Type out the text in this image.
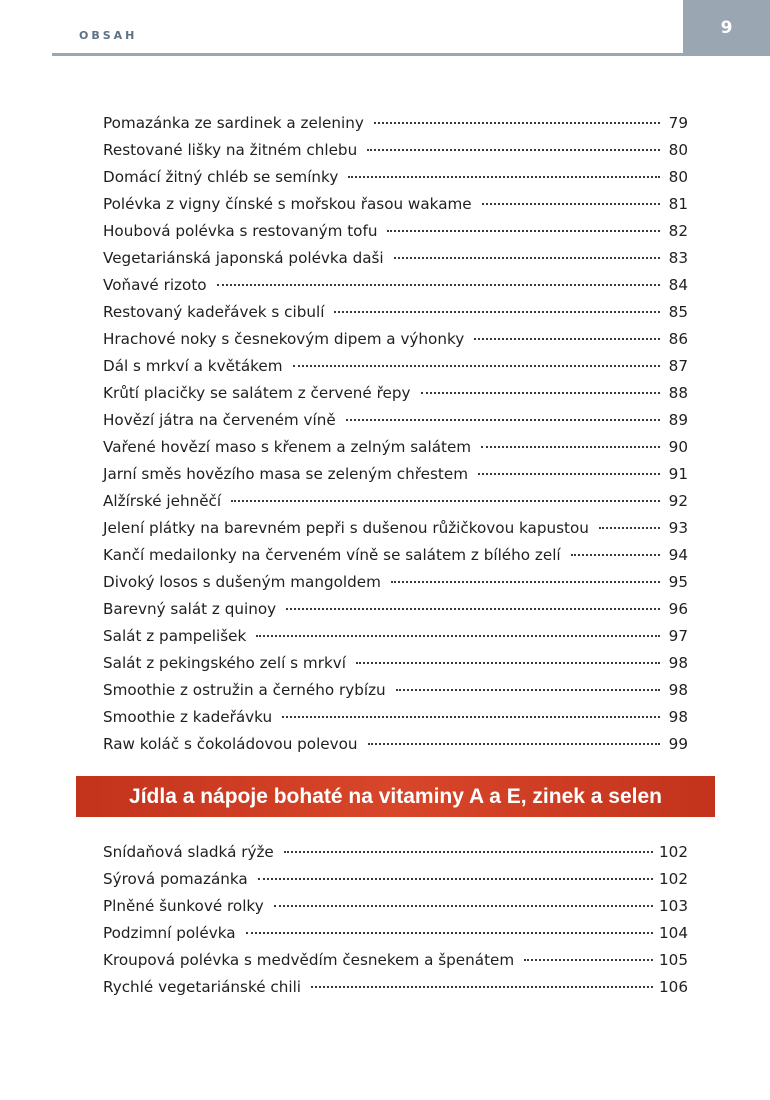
OBSAH	9
Pomazánka ze sardinek a zeleniny	79
Restované lišky na žitném chlebu	80
Domácí žitný chléb se semínky	80
Polévka z vigny čínské s mořskou řasou wakame	81
Houbová polévka s restovaným tofu	82
Vegetariánská japonská polévka daši	83
Voňavé rizoto	84
Restovaný kadeřávek s cibulí	85
Hrachové noky s česnekovým dipem a výhonky	86
Dál s mrkví a květákem	87
Krůtí placičky se salátem z červené řepy	88
Hovězí játra na červeném víně	89
Vařené hovězí maso s křenem a zelným salátem	90
Jarní směs hovězího masa se zeleným chřestem	91
Alžírské jehněčí	92
Jelení plátky na barevném pepři s dušenou růžičkovou kapustou	93
Kančí medailonky na červeném víně se salátem z bílého zelí	94
Divoký losos s dušeným mangoldem	95
Barevný salát z quinoy	96
Salát z pampelišek	97
Salát z pekingského zelí s mrkví	98
Smoothie z ostružin a černého rybízu	98
Smoothie z kadeřávku	98
Raw koláč s čokoládovou polevou	99
Jídla a nápoje bohaté na vitaminy A a E, zinek a selen
Snídaňová sladká rýže	102
Sýrová pomazánka	102
Plněné šunkové rolky	103
Podzimní polévka	104
Kroupová polévka s medvědím česnekem a špenátem	105
Rychlé vegetariánské chili	106
